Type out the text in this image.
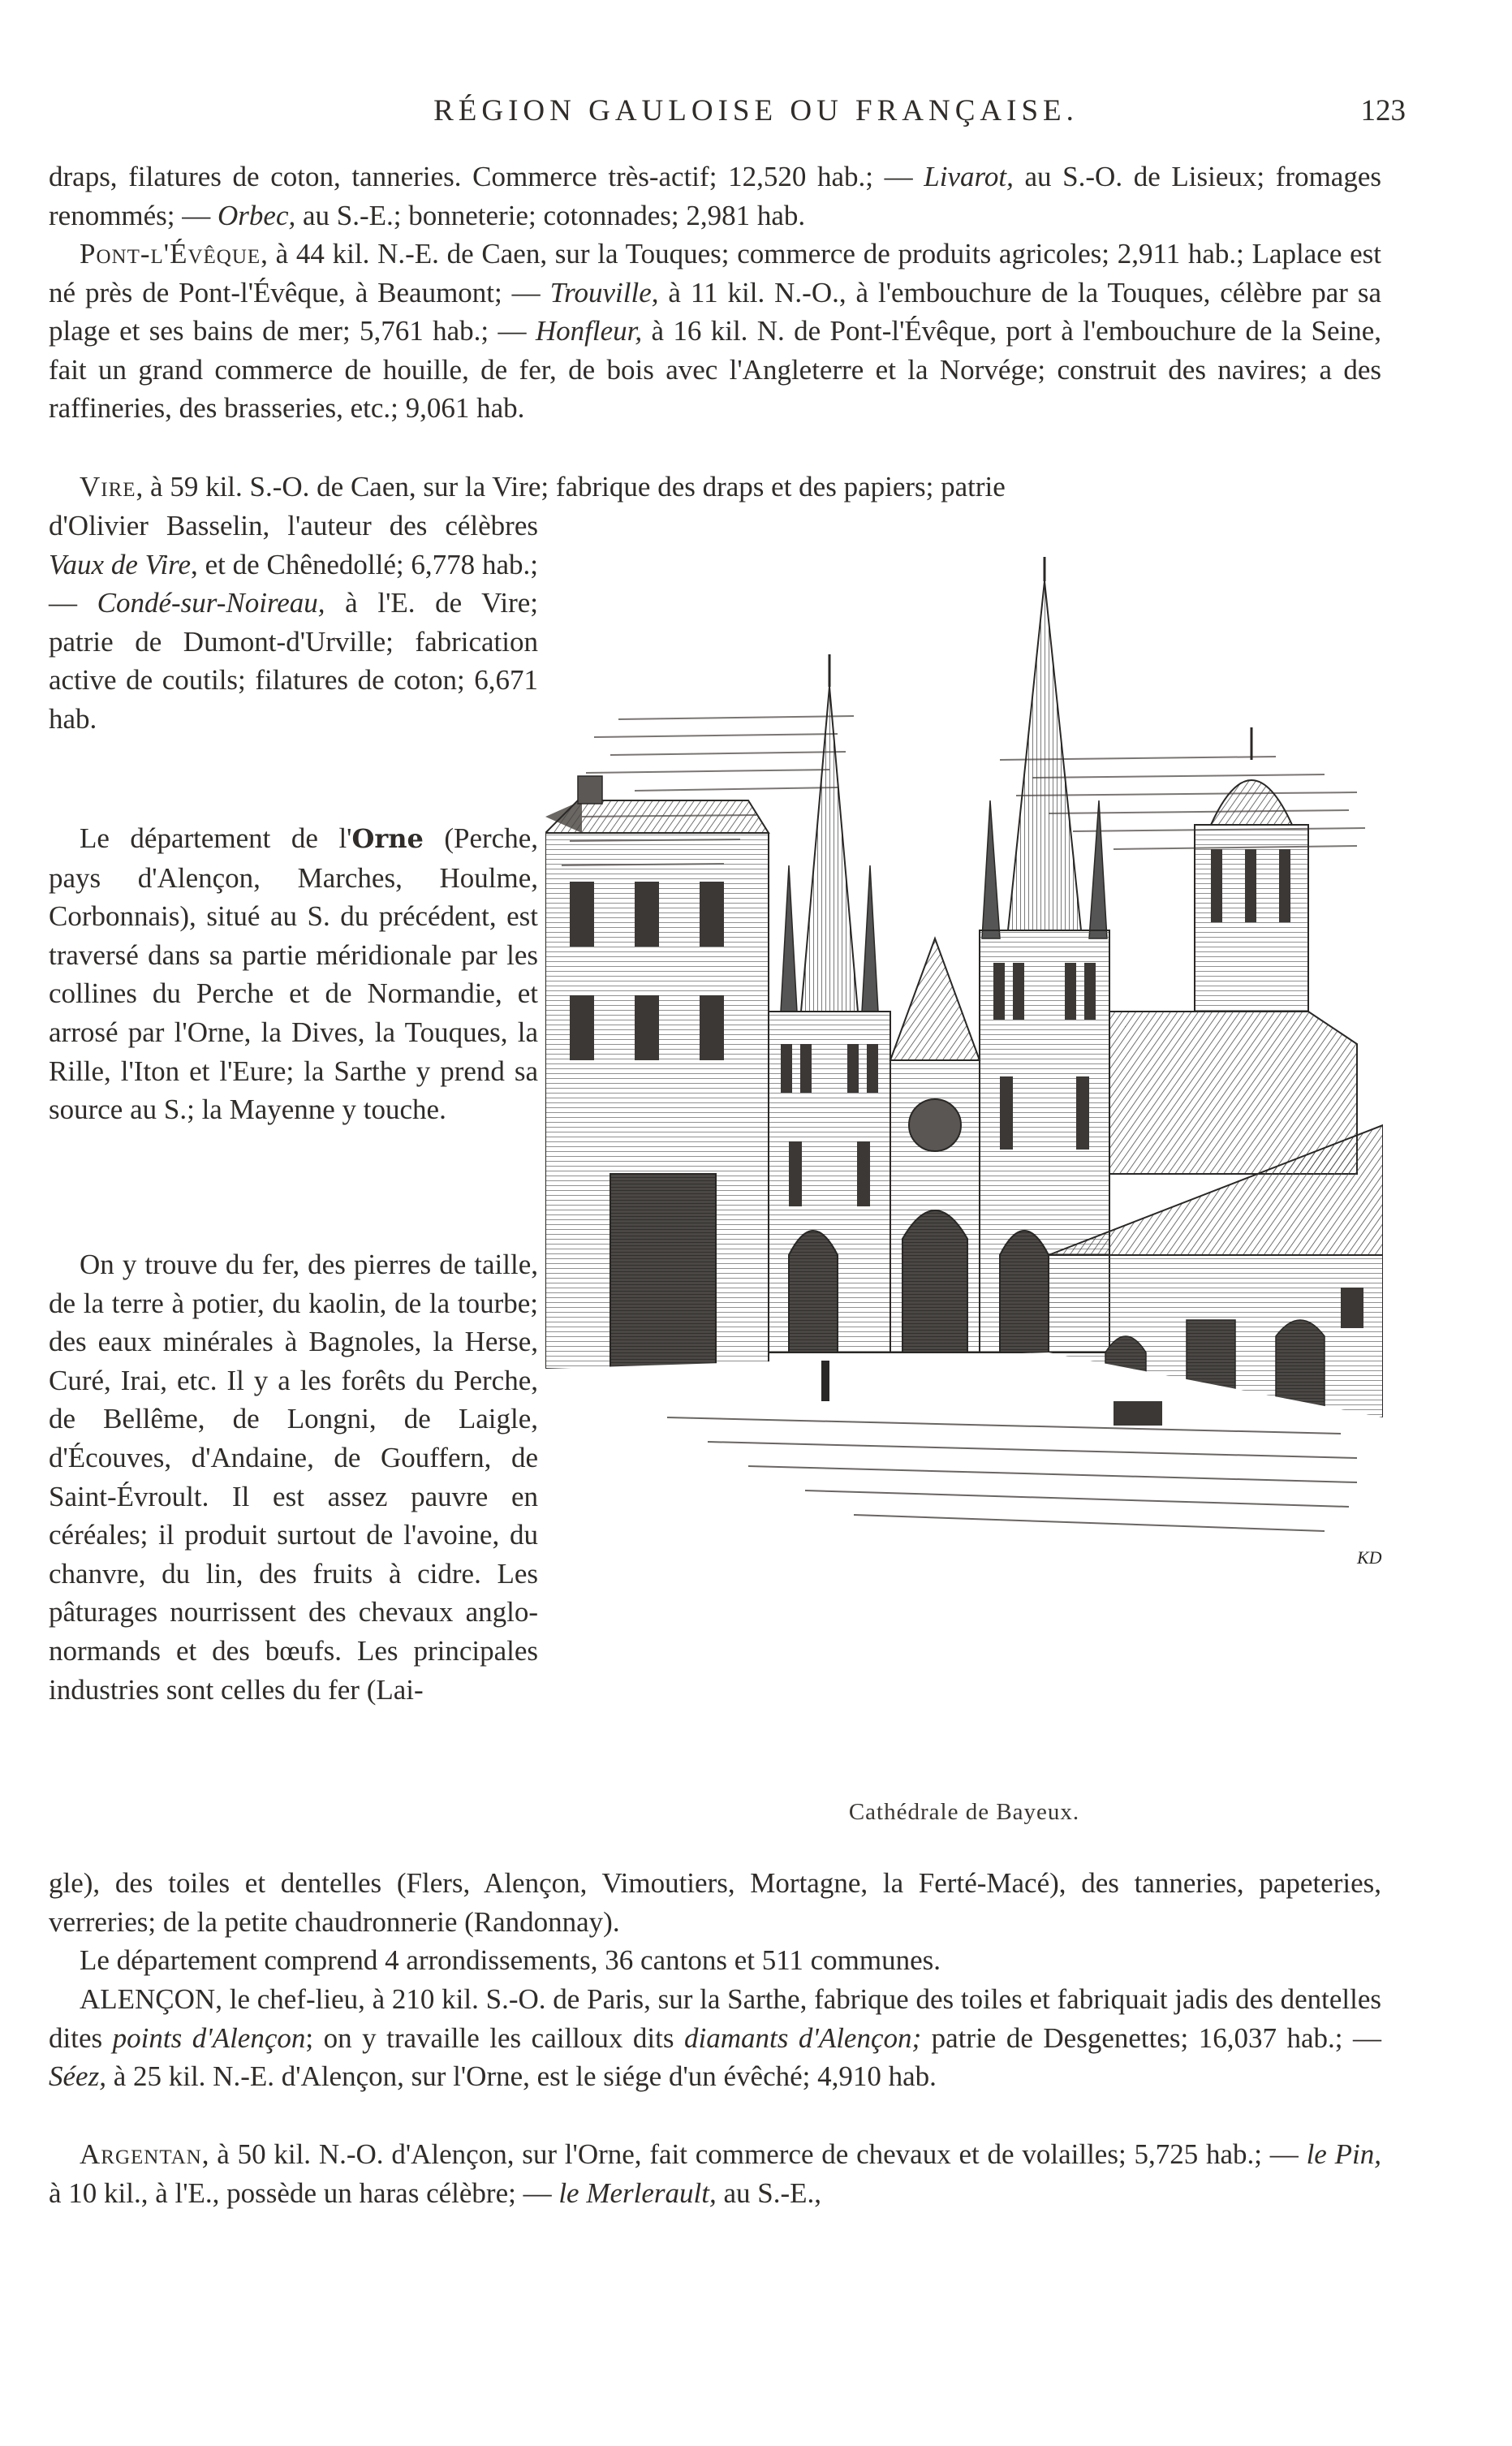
RÉGION GAULOISE OU FRANÇAISE.	123

draps, filatures de coton, tanneries. Commerce très-actif; 12,520 hab.; — Livarot, au S.-O. de Lisieux; fromages renommés; — Orbec, au S.-E.; bonneterie; cotonnades; 2,981 hab.

Pont-l'Évêque, à 44 kil. N.-E. de Caen, sur la Touques; commerce de produits agricoles; 2,911 hab.; Laplace est né près de Pont-l'Évêque, à Beaumont; — Trouville, à 11 kil. N.-O., à l'embouchure de la Touques, célèbre par sa plage et ses bains de mer; 5,761 hab.; — Honfleur, à 16 kil. N. de Pont-l'Évêque, port à l'embouchure de la Seine, fait un grand commerce de houille, de fer, de bois avec l'Angleterre et la Norvége; construit des navires; a des raffineries, des brasseries, etc.; 9,061 hab.

Vire, à 59 kil. S.-O. de Caen, sur la Vire; fabrique des draps et des papiers; patrie

d'Olivier Basselin, l'auteur des célèbres Vaux de Vire, et de Chênedollé; 6,778 hab.; — Condé-sur-Noireau, à l'E. de Vire; patrie de Dumont-d'Urville; fabrication active de coutils; filatures de coton; 6,671 hab.

Le département de l'Orne (Perche, pays d'Alençon, Marches, Houlme, Corbonnais), situé au S. du précédent, est traversé dans sa partie méridionale par les collines du Perche et de Normandie, et arrosé par l'Orne, la Dives, la Touques, la Rille, l'Iton et l'Eure; la Sarthe y prend sa source au S.; la Mayenne y touche.

On y trouve du fer, des pierres de taille, de la terre à potier, du kaolin, de la tourbe; des eaux minérales à Bagnoles, la Herse, Curé, Irai, etc. Il y a les forêts du Perche, de Bellême, de Longni, de Laigle, d'Écouves, d'Andaine, de Gouffern, de Saint-Évroult. Il est assez pauvre en céréales; il produit surtout de l'avoine, du chanvre, du lin, des fruits à cidre. Les pâturages nourrissent des chevaux anglo-normands et des bœufs. Les principales industries sont celles du fer (Lai-

gle), des toiles et dentelles (Flers, Alençon, Vimoutiers, Mortagne, la Ferté-Macé), des tanneries, papeteries, verreries; de la petite chaudronnerie (Randonnay).

Le département comprend 4 arrondissements, 36 cantons et 511 communes.

ALENÇON, le chef-lieu, à 210 kil. S.-O. de Paris, sur la Sarthe, fabrique des toiles et fabriquait jadis des dentelles dites points d'Alençon; on y travaille les cailloux dits diamants d'Alençon; patrie de Desgenettes; 16,037 hab.; — Séez, à 25 kil. N.-E. d'Alençon, sur l'Orne, est le siége d'un évêché; 4,910 hab.

Argentan, à 50 kil. N.-O. d'Alençon, sur l'Orne, fait commerce de chevaux et de volailles; 5,725 hab.; — le Pin, à 10 kil., à l'E., possède un haras célèbre; — le Merlerault, au S.-E.,

KD
Cathédrale de Bayeux.
